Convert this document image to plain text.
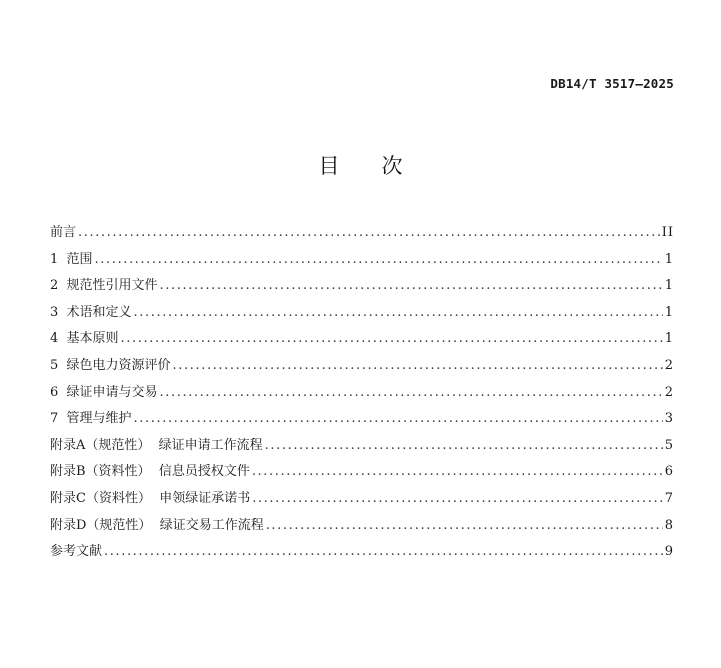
DB14/T 3517—2025
目次
前言 .....	II
1  范围 .....	1
2  规范性引用文件 .....	1
3  术语和定义 .....	1
4  基本原则 .....	1
5  绿色电力资源评价 .....	2
6  绿证申请与交易 .....	2
7  管理与维护 .....	3
附录A（规范性）  绿证申请工作流程 .....	5
附录B（资料性）  信息员授权文件 .....	6
附录C（资料性）  申领绿证承诺书 .....	7
附录D（规范性）  绿证交易工作流程 .....	8
参考文献 .....	9
